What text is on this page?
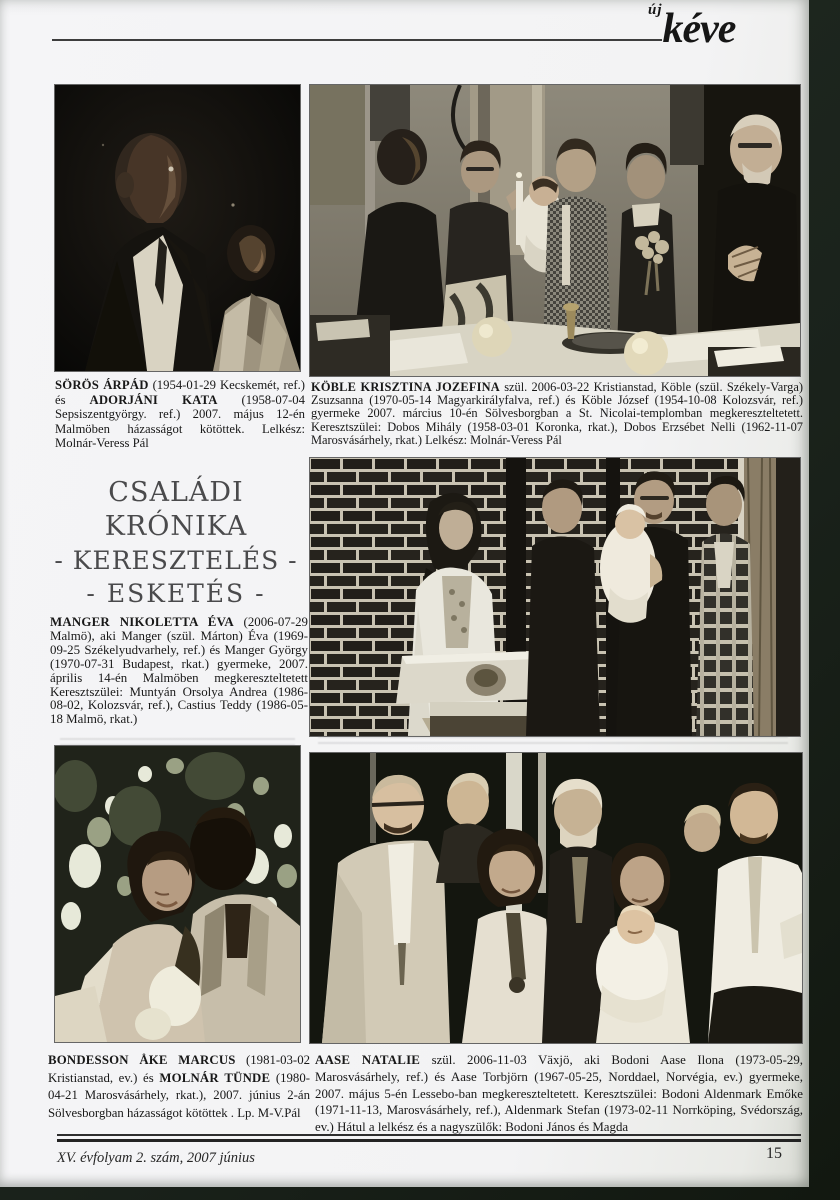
újkéve

SÖRÖS ÁRPÁD (1954-01-29 Kecskemét, ref.) és ADORJÁNI KATA (1958-07-04 Sepsiszentgyörgy. ref.) 2007. május 12-én Malmöben házasságot kötöttek. Lelkész: Molnár-Veress Pál

KÖBLE KRISZTINA JOZEFINA szül. 2006-03-22 Kristianstad, Köble (szül. Székely-Varga) Zsuzsanna (1970-05-14 Magyarkirályfalva, ref.) és Köble József (1954-10-08 Kolozsvár, ref.) gyermeke 2007. március 10-én Sölvesborgban a St. Nicolai-templomban megkereszteltetett. Keresztszülei: Dobos Mihály (1958-03-01 Koronka, rkat.), Dobos Erzsébet Nelli (1962-11-07 Marosvásárhely, rkat.) Lelkész: Molnár-Veress Pál

CSALÁDI KRÓNIKA
- KERESZTELÉS -
- ESKETÉS -

MANGER NIKOLETTA ÉVA (2006-07-29 Malmö), aki Manger (szül. Márton) Éva (1969-09-25 Székelyudvarhely, ref.) és Manger György (1970-07-31 Budapest, rkat.) gyermeke, 2007. április 14-én Malmöben megkereszteltetett Keresztszülei: Muntyán Orsolya Andrea (1986-08-02, Kolozsvár, ref.), Castius Teddy (1986-05-18 Malmö, rkat.)

BONDESSON ÅKE MARCUS (1981-03-02 Kristianstad, ev.) és MOLNÁR TÜNDE (1980-04-21 Marosvásárhely, rkat.), 2007. június 2-án Sölvesborgban házasságot kötöttek . Lp. M-V.Pál

AASE NATALIE szül. 2006-11-03 Växjö, aki Bodoni Aase Ilona (1973-05-29, Marosvásárhely, ref.) és Aase Torbjörn (1967-05-25, Norddael, Norvégia, ev.) gyermeke, 2007. május 5-én Lessebo-ban megkereszteltetett. Keresztszülei: Bodoni Aldenmark Emőke (1971-11-13, Marosvásárhely, ref.), Aldenmark Stefan (1973-02-11 Norrköping, Svédország, ev.) Hátul a lelkész és a nagyszülők: Bodoni János és Magda

XV. évfolyam 2. szám, 2007 június	15
